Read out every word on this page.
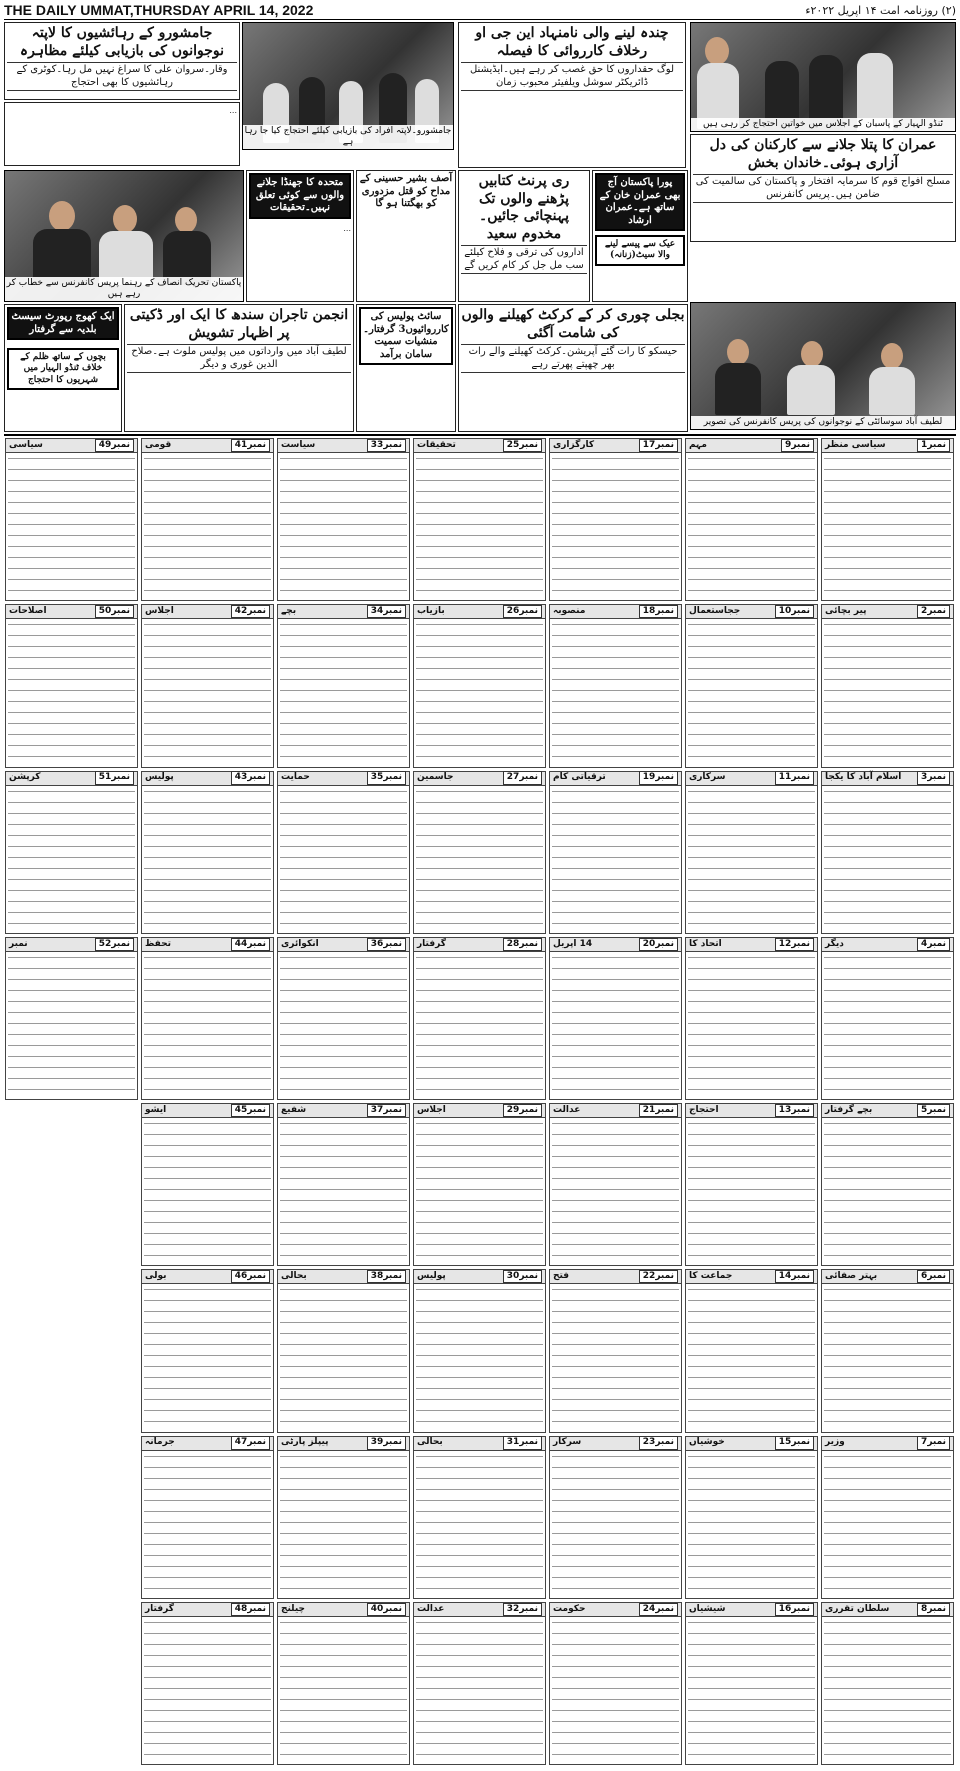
THE DAILY UMMAT,THURSDAY APRIL 14, 2022	(۲) روزنامہ امت ۱۴ اپریل ۲۰۲۲ء
جامشورو کے رہائشیوں کا لاپتہ نوجوانوں کی بازیابی کیلئے مظاہرہ
وقار۔سروان علی کا سراغ نہیں مل رہا۔کوٹری کے رہائشیوں کا بھی احتجاج
جامشورو۔لاپتہ افراد کی بازیابی کیلئے احتجاج کیا جا رہا ہے
...
چندہ لینے والی نامنہاد این جی او رخلاف کارروائی کا فیصلہ
لوگ حقداروں کا حق غصب کر رہے ہیں۔ایڈیشنل ڈائریکٹر سوشل ویلفیئر محبوب زمان
ٹنڈو الہیار کے پاسبان کے اجلاس میں خواتین احتجاج کر رہی ہیں
عمران کا پتلا جلانے سے کارکنان کی دل آزاری ہوئی۔خاندان بخش
مسلح افواج قوم کا سرمایہ افتخار و پاکستان کی سالمیت کی ضامن ہیں۔پریس کانفرنس
پاکستان تحریک انصاف کے رہنما پریس کانفرنس سے خطاب کر رہے ہیں
متحدہ کا جھنڈا جلانے والوں سے کوئی تعلق نہیں۔تحقیقات
...
آصف بشیر حسینی کے مداح کو قتل مزدوری کو بھگتنا ہو گا
ری پرنٹ کتابیں پڑھنے والوں تک پہنچائی جائیں۔مخدوم سعید
اداروں کی ترقی و فلاح کیلئے سب مل جل کر کام کریں گے
پورا پاکستان آج بھی عمران خان کے ساتھ ہے۔عمران ارشاد
عیک سے پیسے لینے والا سیٹ(زنانہ)
لطیف آباد سوسائٹی کے نوجوانوں کی پریس کانفرنس کی تصویر
بجلی چوری کر کے کرکٹ کھیلنے والوں کی شامت آگئی
حیسکو کا رات گئے آپریشن۔کرکٹ کھیلنے والے رات بھر چھپتے پھرتے رہے
سائٹ پولیس کی کارروائیوں3 گرفتار۔منشیات سمیت سامان برآمد
انجمن تاجران سندھ کا ایک اور ڈکیتی پر اظہار تشویش
لطیف آباد میں وارداتوں میں پولیس ملوث ہے۔صلاح الدین غوری و دیگر
ایک کھوج رپورٹ سیسٹ بلدیہ سے گرفتار
بچوں کے ساتھ ظلم کے خلاف ٹنڈو الہیار میں شہریوں کا احتجاج
نمبر1
سیاسی منظر
نمبر2
پیر بچائی
نمبر3
اسلام آباد کا یکجا
نمبر4
دیگر
نمبر5
بچے گرفتار
نمبر6
بہتر صفائی
نمبر7
وزیر
نمبر8
سلطان تقرری
نمبر9
مہم
نمبر10
ججاستعمال
نمبر11
سرکاری
نمبر12
اتحاد کا
نمبر13
احتجاج
نمبر14
جماعت کا
نمبر15
خوشیاں
نمبر16
شیشیاں
نمبر17
کارگزاری
نمبر18
منصوبہ
نمبر19
ترقیاتی کام
نمبر20
14 اپریل
نمبر21
عدالت
نمبر22
فتح
نمبر23
سرکار
نمبر24
حکومت
نمبر25
تحقیقات
نمبر26
بازیاب
نمبر27
جاسمین
نمبر28
گرفتار
نمبر29
اجلاس
نمبر30
پولیس
نمبر31
بحالی
نمبر32
عدالت
نمبر33
سیاست
نمبر34
بچے
نمبر35
حمایت
نمبر36
انکوائری
نمبر37
شفیع
نمبر38
بحالی
نمبر39
پیپلز پارٹی
نمبر40
چیلنج
نمبر41
قومی
نمبر42
اجلاس
نمبر43
پولیس
نمبر44
تحفظ
نمبر45
ایشو
نمبر46
بولی
نمبر47
جرمانہ
نمبر48
گرفتار
نمبر49
سیاسی
نمبر50
اصلاحات
نمبر51
کرپشن
نمبر52
نمبر
